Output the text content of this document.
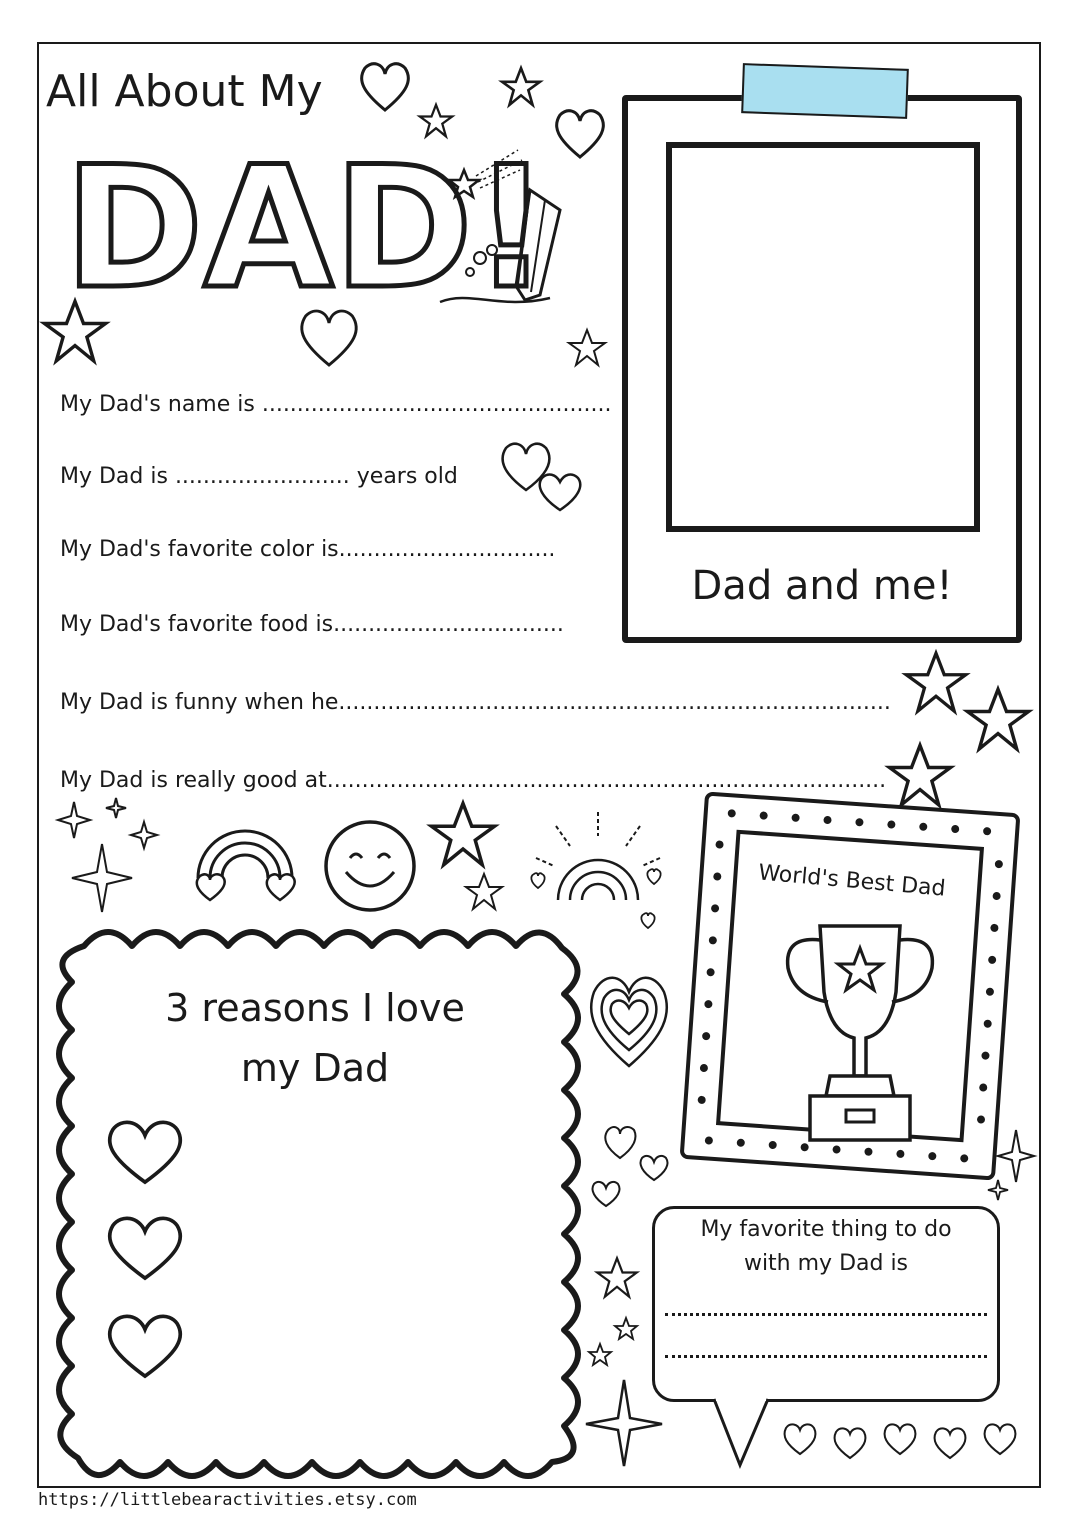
All About My
DAD!
My Dad's name is ..................................................
My Dad is ......................... years old
My Dad's favorite color is...............................
My Dad's favorite food is.................................
My Dad is funny when he...............................................................................
My Dad is really good at................................................................................
Dad and me!
World's Best Dad
3 reasons I love
my Dad
My favorite thing to do
with my Dad is
https://littlebearactivities.etsy.com
